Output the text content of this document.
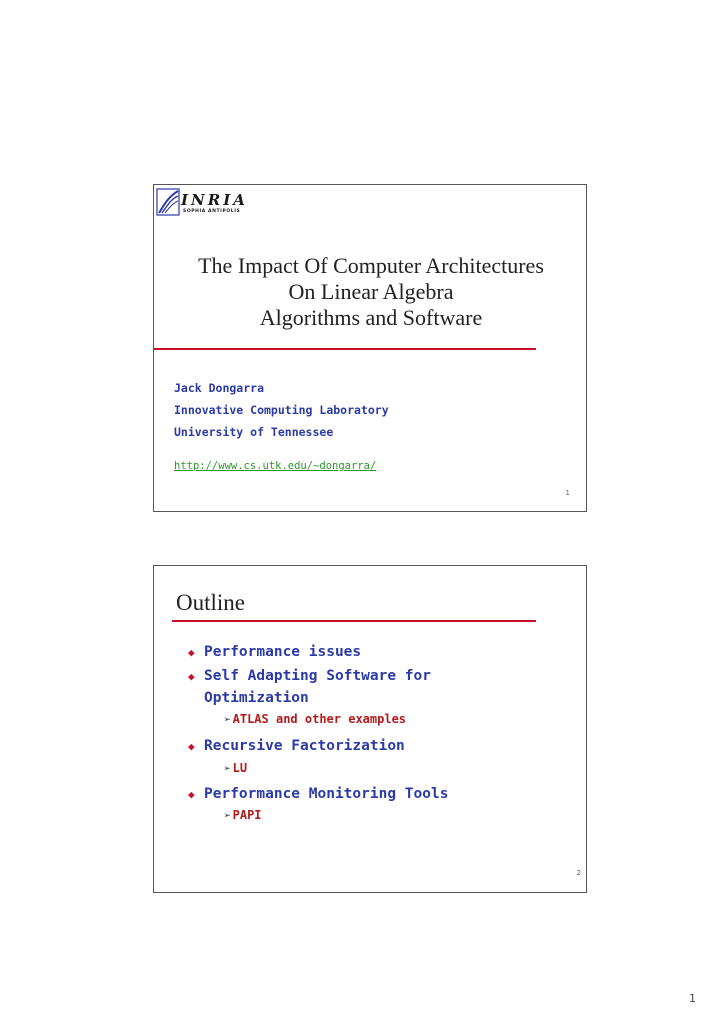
INRIA
SOPHIA ANTIPOLIS
The Impact Of Computer Architectures
On Linear Algebra
Algorithms and Software
Jack Dongarra
Innovative Computing Laboratory
University of Tennessee
http://www.cs.utk.edu/~dongarra/
1
Outline
◆ Performance issues
◆ Self Adapting Software for
Optimization
➢ ATLAS and other examples
◆ Recursive Factorization
➢ LU
◆ Performance Monitoring Tools
➢ PAPI
2
1
